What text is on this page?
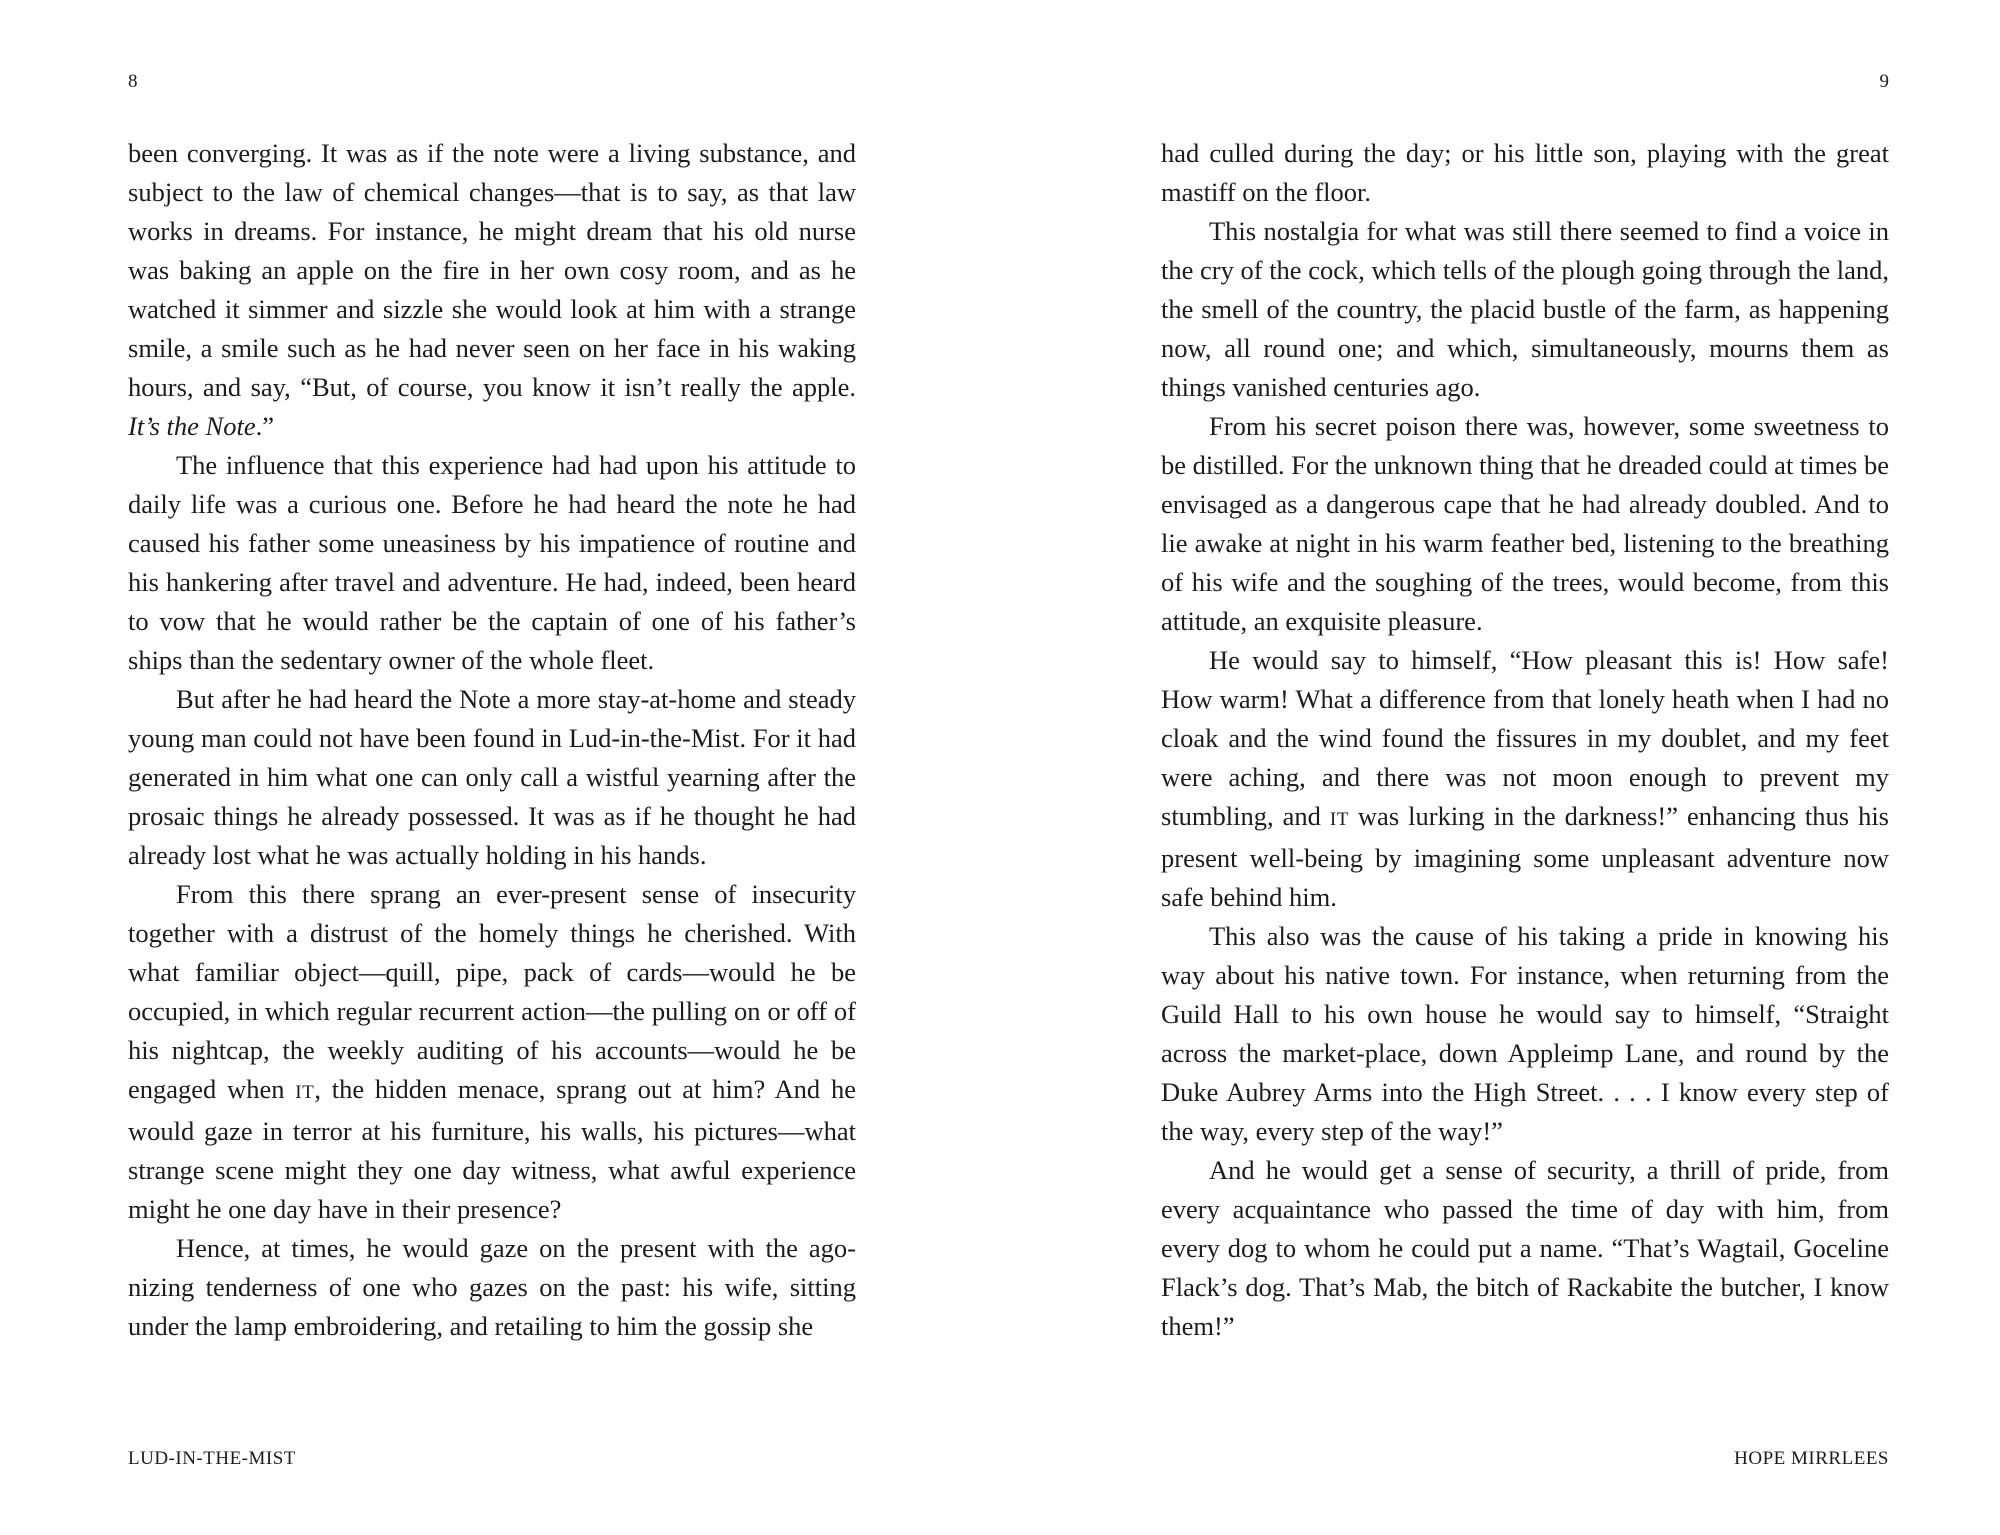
8

been converging. It was as if the note were a living substance, and subject to the law of chemical changes—that is to say, as that law works in dreams. For instance, he might dream that his old nurse was baking an apple on the fire in her own cosy room, and as he watched it simmer and sizzle she would look at him with a strange smile, a smile such as he had never seen on her face in his waking hours, and say, “But, of course, you know it isn’t really the apple. It’s the Note.”

The influence that this experience had had upon his attitude to daily life was a curious one. Before he had heard the note he had caused his father some uneasiness by his impatience of routine and his hankering after travel and adventure. He had, indeed, been heard to vow that he would rather be the captain of one of his father’s ships than the sedentary owner of the whole fleet.

But after he had heard the Note a more stay-at-home and steady young man could not have been found in Lud-in-the-Mist. For it had generated in him what one can only call a wistful yearning after the prosaic things he already possessed. It was as if he thought he had already lost what he was actually holding in his hands.

From this there sprang an ever-present sense of insecurity together with a distrust of the homely things he cherished. With what familiar object—quill, pipe, pack of cards—would he be occupied, in which regular recurrent action—the pulling on or off of his nightcap, the weekly auditing of his accounts—would he be engaged when IT, the hidden menace, sprang out at him? And he would gaze in terror at his furniture, his walls, his pictures—what strange scene might they one day witness, what awful experience might he one day have in their presence?

Hence, at times, he would gaze on the present with the agonizing tenderness of one who gazes on the past: his wife, sitting under the lamp embroidering, and retailing to him the gossip she

LUD-IN-THE-MIST
9

had culled during the day; or his little son, playing with the great mastiff on the floor.

This nostalgia for what was still there seemed to find a voice in the cry of the cock, which tells of the plough going through the land, the smell of the country, the placid bustle of the farm, as happening now, all round one; and which, simultaneously, mourns them as things vanished centuries ago.

From his secret poison there was, however, some sweetness to be distilled. For the unknown thing that he dreaded could at times be envisaged as a dangerous cape that he had already doubled. And to lie awake at night in his warm feather bed, listening to the breathing of his wife and the soughing of the trees, would become, from this attitude, an exquisite pleasure.

He would say to himself, “How pleasant this is! How safe! How warm! What a difference from that lonely heath when I had no cloak and the wind found the fissures in my doublet, and my feet were aching, and there was not moon enough to prevent my stumbling, and IT was lurking in the darkness!” enhancing thus his present well-being by imagining some unpleasant adventure now safe behind him.

This also was the cause of his taking a pride in knowing his way about his native town. For instance, when returning from the Guild Hall to his own house he would say to himself, “Straight across the market-place, down Appleimp Lane, and round by the Duke Aubrey Arms into the High Street. . . . I know every step of the way, every step of the way!”

And he would get a sense of security, a thrill of pride, from every acquaintance who passed the time of day with him, from every dog to whom he could put a name. “That’s Wagtail, Goceline Flack’s dog. That’s Mab, the bitch of Rackabite the butcher, I know them!”

HOPE MIRRLEES
